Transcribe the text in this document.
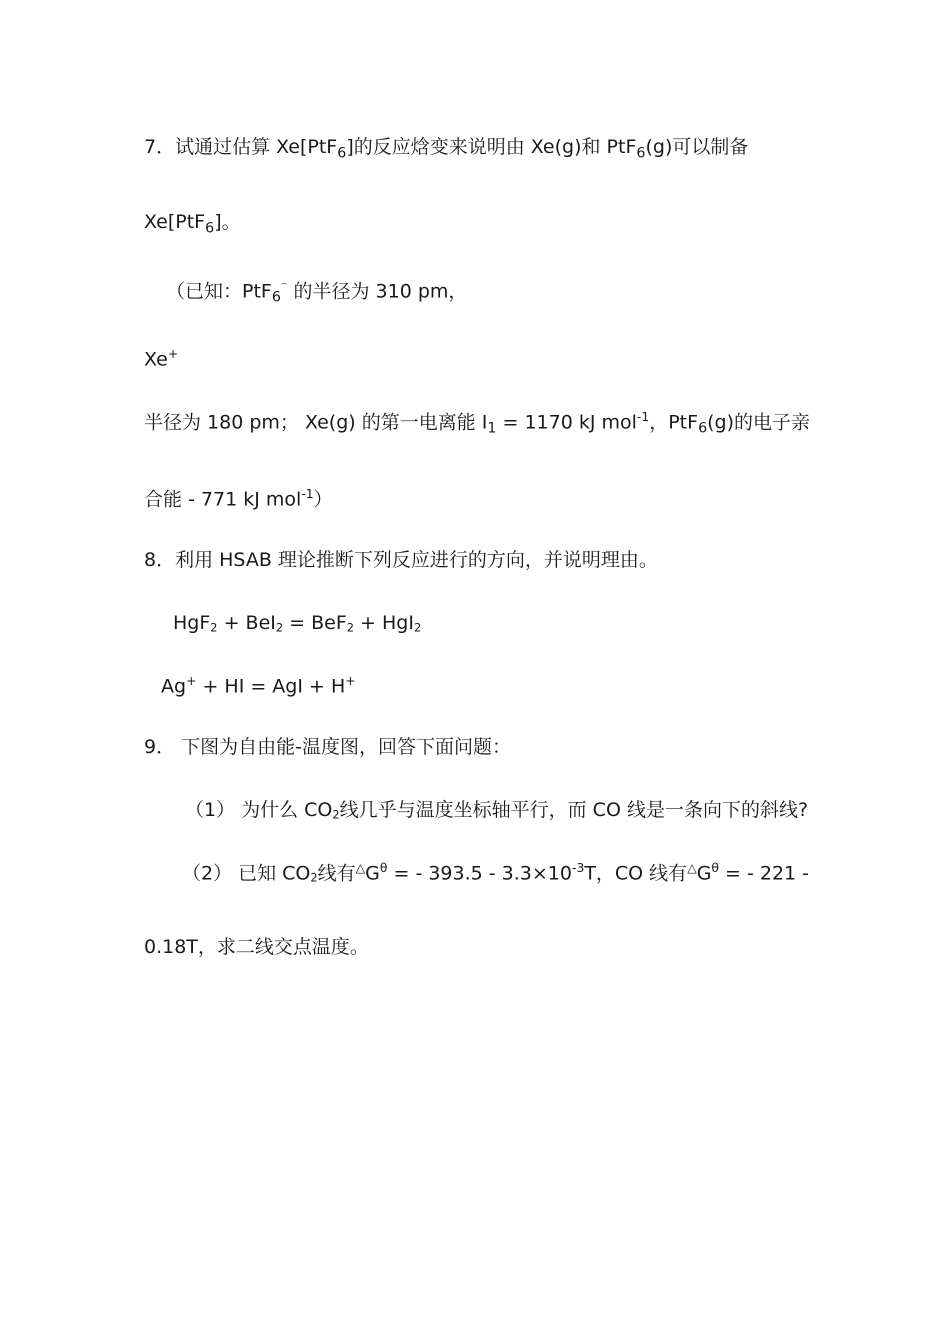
7．试通过估算 Xe[PtF$_6$]的反应焓变来说明由 Xe(g)和 PtF$_6$(g)可以制备
Xe[PtF$_6$]。
（已知：PtF$_6$⁻ 的半径为 310 pm，
Xe+
半径为 180 pm； Xe(g) 的第一电离能 $I_1 = 1170$ kJ mol$^{-1}$，PtF$_6$(g)的电子亲
合能 - 771 kJ mol$^{-1}$）
8．利用 HSAB 理论推断下列反应进行的方向，并说明理由。
HgF2 + BeI2 = BeF2 + HgI2
Ag+ + HI = AgI + H+
9． 下图为自由能-温度图，回答下面问题：
（1） 为什么 CO2线几乎与温度坐标轴平行，而 CO 线是一条向下的斜线?
（2） 已知 CO2线有$^\triangle G^\theta$ = - $393.5 - 3.3\times 10^{-3}T$，CO 线有$^\triangle G^\theta$ = - 221 -
0.18T，求二线交点温度。
